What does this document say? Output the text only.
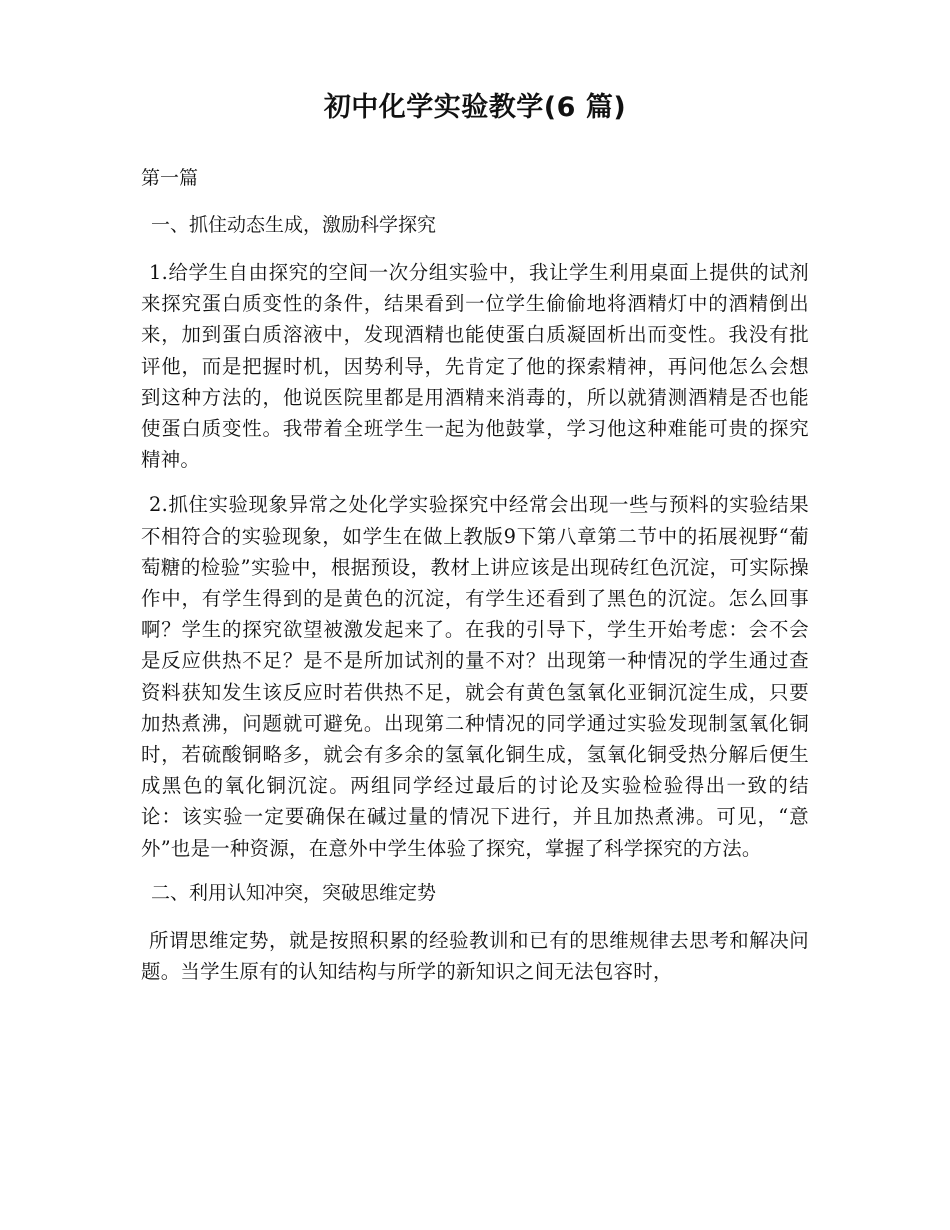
初中化学实验教学(6 篇)

第一篇

一、抓住动态生成，激励科学探究

1.给学生自由探究的空间一次分组实验中，我让学生利用桌面上提供的试剂来探究蛋白质变性的条件，结果看到一位学生偷偷地将酒精灯中的酒精倒出来，加到蛋白质溶液中，发现酒精也能使蛋白质凝固析出而变性。我没有批评他，而是把握时机，因势利导，先肯定了他的探索精神，再问他怎么会想到这种方法的，他说医院里都是用酒精来消毒的，所以就猜测酒精是否也能使蛋白质变性。我带着全班学生一起为他鼓掌，学习他这种难能可贵的探究精神。

2.抓住实验现象异常之处化学实验探究中经常会出现一些与预料的实验结果不相符合的实验现象，如学生在做上教版9下第八章第二节中的拓展视野“葡萄糖的检验”实验中，根据预设，教材上讲应该是出现砖红色沉淀，可实际操作中，有学生得到的是黄色的沉淀，有学生还看到了黑色的沉淀。怎么回事啊？学生的探究欲望被激发起来了。在我的引导下，学生开始考虑：会不会是反应供热不足？是不是所加试剂的量不对？出现第一种情况的学生通过查资料获知发生该反应时若供热不足，就会有黄色氢氧化亚铜沉淀生成，只要加热煮沸，问题就可避免。出现第二种情况的同学通过实验发现制氢氧化铜时，若硫酸铜略多，就会有多余的氢氧化铜生成，氢氧化铜受热分解后便生成黑色的氧化铜沉淀。两组同学经过最后的讨论及实验检验得出一致的结论：该实验一定要确保在碱过量的情况下进行，并且加热煮沸。可见，“意外”也是一种资源，在意外中学生体验了探究，掌握了科学探究的方法。

二、利用认知冲突，突破思维定势

所谓思维定势，就是按照积累的经验教训和已有的思维规律去思考和解决问题。当学生原有的认知结构与所学的新知识之间无法包容时，
